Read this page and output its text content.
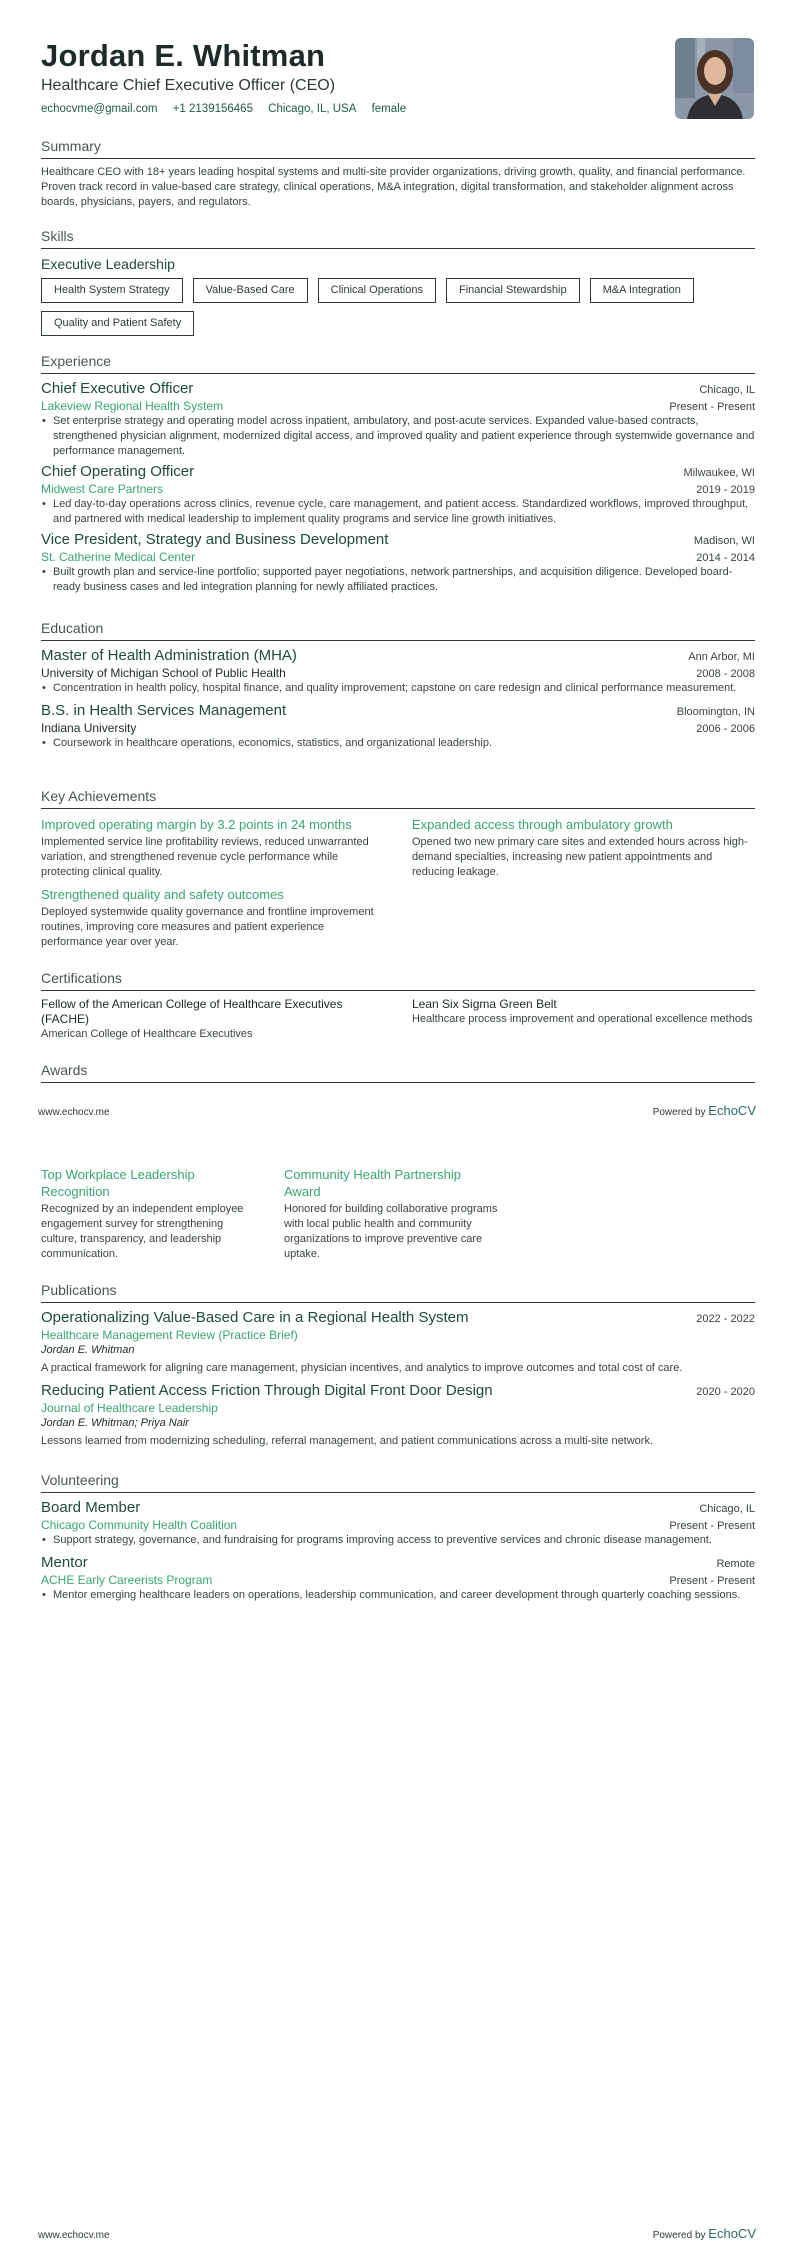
Jordan E. Whitman
Healthcare Chief Executive Officer (CEO)
echocvme@gmail.com +1 2139156465 Chicago, IL, USA female
Summary
Healthcare CEO with 18+ years leading hospital systems and multi-site provider organizations, driving growth, quality, and financial performance. Proven track record in value-based care strategy, clinical operations, M&A integration, digital transformation, and stakeholder alignment across boards, physicians, payers, and regulators.
Skills
Executive Leadership
Health System Strategy	Value-Based Care	Clinical Operations	Financial Stewardship	M&A Integration
Quality and Patient Safety
Experience
Chief Executive Officer	Chicago, IL
Lakeview Regional Health System	Present - Present
• Set enterprise strategy and operating model across inpatient, ambulatory, and post-acute services. Expanded value-based contracts, strengthened physician alignment, modernized digital access, and improved quality and patient experience through systemwide governance and performance management.
Chief Operating Officer	Milwaukee, WI
Midwest Care Partners	2019 - 2019
• Led day-to-day operations across clinics, revenue cycle, care management, and patient access. Standardized workflows, improved throughput, and partnered with medical leadership to implement quality programs and service line growth initiatives.
Vice President, Strategy and Business Development	Madison, WI
St. Catherine Medical Center	2014 - 2014
• Built growth plan and service-line portfolio; supported payer negotiations, network partnerships, and acquisition diligence. Developed board-ready business cases and led integration planning for newly affiliated practices.
Education
Master of Health Administration (MHA)	Ann Arbor, MI
University of Michigan School of Public Health	2008 - 2008
• Concentration in health policy, hospital finance, and quality improvement; capstone on care redesign and clinical performance measurement.
B.S. in Health Services Management	Bloomington, IN
Indiana University	2006 - 2006
• Coursework in healthcare operations, economics, statistics, and organizational leadership.
Key Achievements
Improved operating margin by 3.2 points in 24 months
Implemented service line profitability reviews, reduced unwarranted variation, and strengthened revenue cycle performance while protecting clinical quality.
Strengthened quality and safety outcomes
Deployed systemwide quality governance and frontline improvement routines, improving core measures and patient experience performance year over year.
Expanded access through ambulatory growth
Opened two new primary care sites and extended hours across high-demand specialties, increasing new patient appointments and reducing leakage.
Certifications
Fellow of the American College of Healthcare Executives (FACHE)
American College of Healthcare Executives
Lean Six Sigma Green Belt
Healthcare process improvement and operational excellence methods
Awards
www.echocv.me	Powered by EchoCV
Top Workplace Leadership Recognition
Recognized by an independent employee engagement survey for strengthening culture, transparency, and leadership communication.
Community Health Partnership Award
Honored for building collaborative programs with local public health and community organizations to improve preventive care uptake.
Publications
Operationalizing Value-Based Care in a Regional Health System	2022 - 2022
Healthcare Management Review (Practice Brief)
Jordan E. Whitman
A practical framework for aligning care management, physician incentives, and analytics to improve outcomes and total cost of care.
Reducing Patient Access Friction Through Digital Front Door Design	2020 - 2020
Journal of Healthcare Leadership
Jordan E. Whitman; Priya Nair
Lessons learned from modernizing scheduling, referral management, and patient communications across a multi-site network.
Volunteering
Board Member	Chicago, IL
Chicago Community Health Coalition	Present - Present
• Support strategy, governance, and fundraising for programs improving access to preventive services and chronic disease management.
Mentor	Remote
ACHE Early Careerists Program	Present - Present
• Mentor emerging healthcare leaders on operations, leadership communication, and career development through quarterly coaching sessions.
www.echocv.me	Powered by EchoCV
